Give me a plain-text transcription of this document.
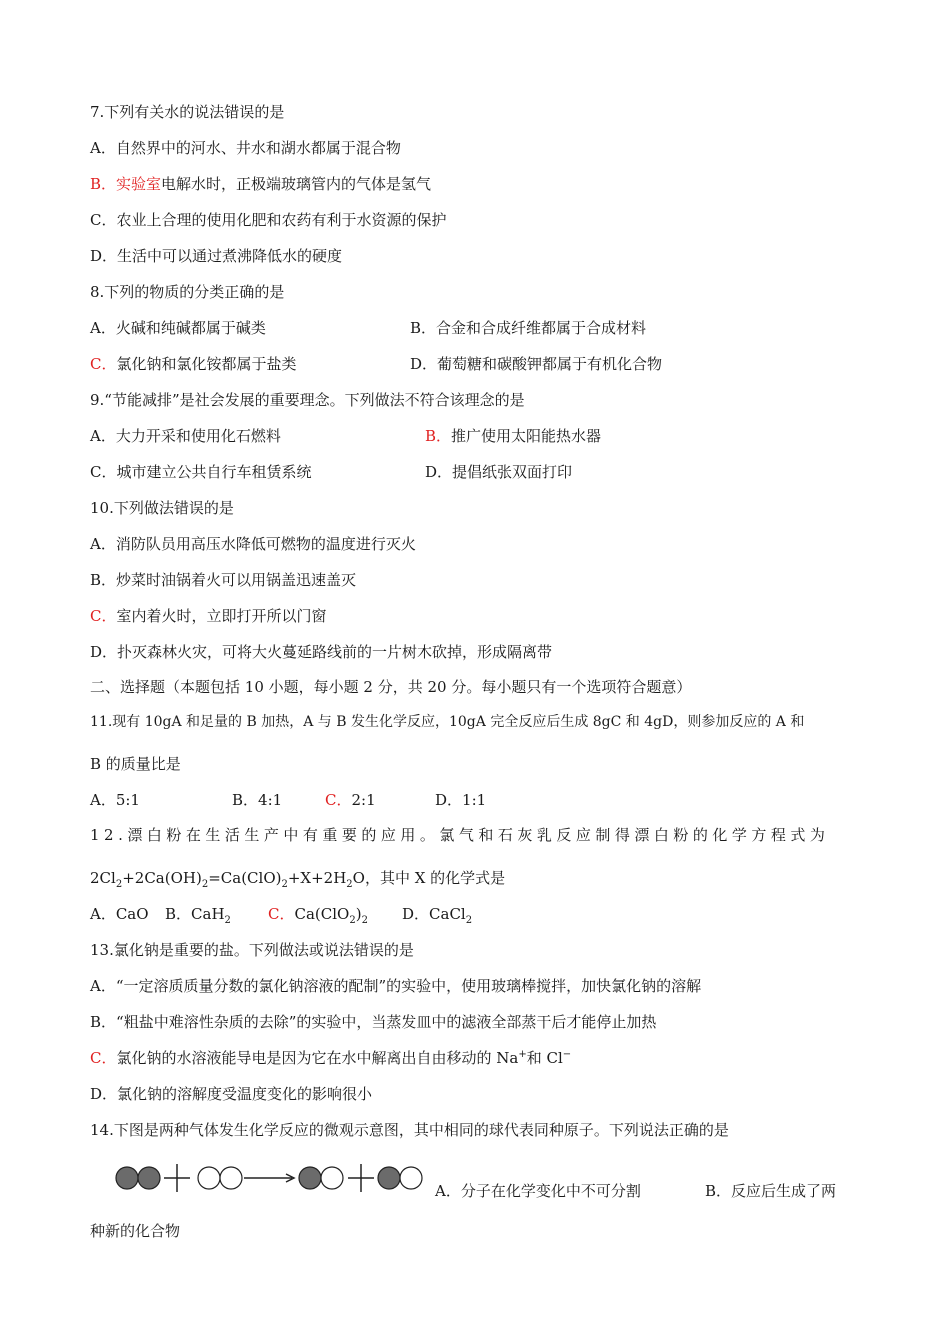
7.下列有关水的说法错误的是
A．自然界中的河水、井水和湖水都属于混合物
B．实验室电解水时，正极端玻璃管内的气体是氢气
C．农业上合理的使用化肥和农药有利于水资源的保护
D．生活中可以通过煮沸降低水的硬度
8.下列的物质的分类正确的是
A．火碱和纯碱都属于碱类	B．合金和合成纤维都属于合成材料
C．氯化钠和氯化铵都属于盐类	D．葡萄糖和碳酸钾都属于有机化合物
9.“节能减排”是社会发展的重要理念。下列做法不符合该理念的是
A．大力开采和使用化石燃料	B．推广使用太阳能热水器
C．城市建立公共自行车租赁系统	D．提倡纸张双面打印
10.下列做法错误的是
A．消防队员用高压水降低可燃物的温度进行灭火
B．炒菜时油锅着火可以用锅盖迅速盖灭
C．室内着火时，立即打开所以门窗
D．扑灭森林火灾，可将大火蔓延路线前的一片树木砍掉，形成隔离带
二、选择题（本题包括 10 小题，每小题 2 分，共 20 分。每小题只有一个选项符合题意）
11.现有 10gA 和足量的 B 加热，A 与 B 发生化学反应，10gA 完全反应后生成 8gC 和 4gD，则参加反应的 A 和
B 的质量比是
A．5:1	B．4:1	C．2:1	D．1:1
12.漂白粉在生活生产中有重要的应用。氯气和石灰乳反应制得漂白粉的化学方程式为
$2Cl_2+2Ca(OH)_2=Ca(ClO)_2+X+2H_2O$，其中 X 的化学式是
A．CaO B．CaH$_2$ C．$Ca(ClO_2)_2$ D．CaCl$_2$
13.氯化钠是重要的盐。下列做法或说法错误的是
A．“一定溶质质量分数的氯化钠溶液的配制”的实验中，使用玻璃棒搅拌，加快氯化钠的溶解
B．“粗盐中难溶性杂质的去除”的实验中，当蒸发皿中的滤液全部蒸干后才能停止加热
C．氯化钠的水溶液能导电是因为它在水中解离出自由移动的 Na+和 Cl−
D．氯化钠的溶解度受温度变化的影响很小
14.下图是两种气体发生化学反应的微观示意图，其中相同的球代表同种原子。下列说法正确的是
A．分子在化学变化中不可分割	B．反应后生成了两
种新的化合物
